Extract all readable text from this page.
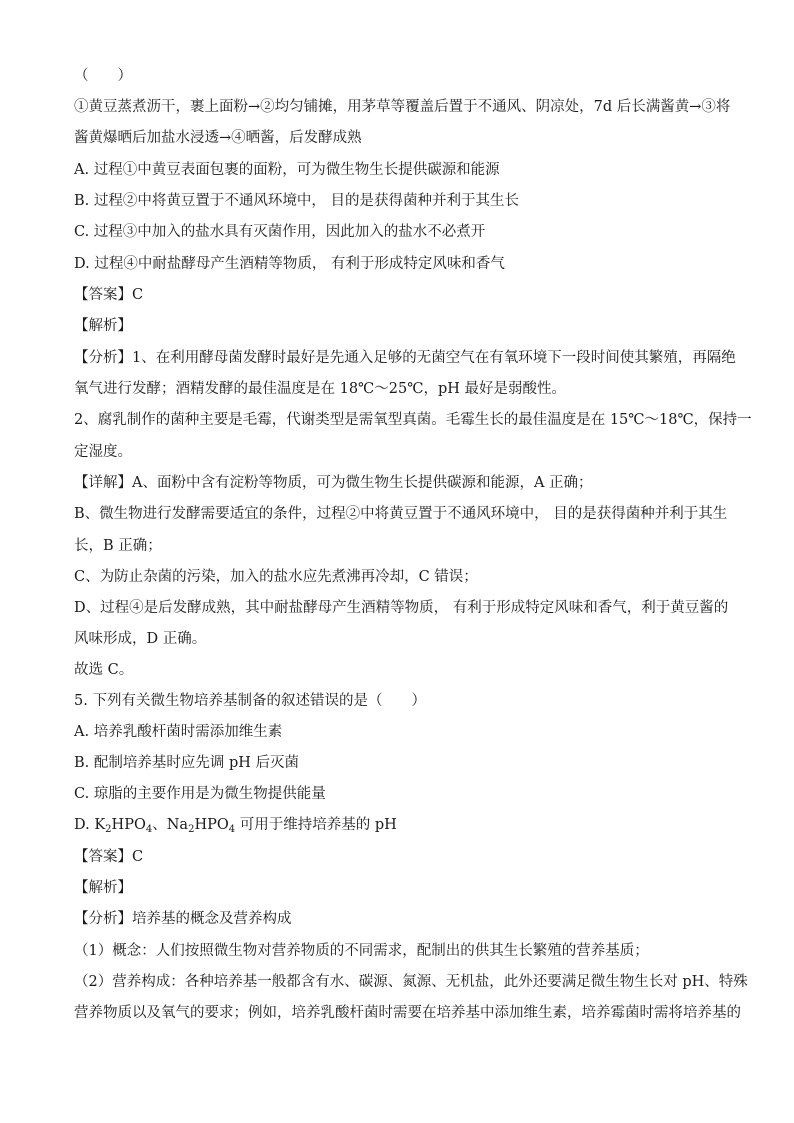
（　　）
①黄豆蒸煮沥干，裹上面粉→②均匀铺摊，用茅草等覆盖后置于不通风、阴凉处，7d 后长满酱黄→③将
酱黄爆晒后加盐水浸透→④晒酱，后发酵成熟
A. 过程①中黄豆表面包裹的面粉，可为微生物生长提供碳源和能源
B. 过程②中将黄豆置于不通风环境中， 目的是获得菌种并利于其生长
C. 过程③中加入的盐水具有灭菌作用，因此加入的盐水不必煮开
D. 过程④中耐盐酵母产生酒精等物质， 有利于形成特定风味和香气
【答案】C
【解析】
【分析】1、在利用酵母菌发酵时最好是先通入足够的无菌空气在有氧环境下一段时间使其繁殖，再隔绝
氧气进行发酵；酒精发酵的最佳温度是在 18℃～25℃，pH 最好是弱酸性。
2、腐乳制作的菌种主要是毛霉，代谢类型是需氧型真菌。毛霉生长的最佳温度是在 15℃～18℃，保持一
定湿度。
【详解】A、面粉中含有淀粉等物质，可为微生物生长提供碳源和能源，A 正确；
B、微生物进行发酵需要适宜的条件，过程②中将黄豆置于不通风环境中， 目的是获得菌种并利于其生
长，B 正确；
C、为防止杂菌的污染，加入的盐水应先煮沸再冷却，C 错误；
D、过程④是后发酵成熟，其中耐盐酵母产生酒精等物质， 有利于形成特定风味和香气，利于黄豆酱的
风味形成，D 正确。
故选 C。
5. 下列有关微生物培养基制备的叙述错误的是（　　）
A. 培养乳酸杆菌时需添加维生素
B. 配制培养基时应先调 pH 后灭菌
C. 琼脂的主要作用是为微生物提供能量
D. $K_2HPO_4$、$Na_2HPO_4$ 可用于维持培养基的 pH
【答案】C
【解析】
【分析】培养基的概念及营养构成
（1）概念：人们按照微生物对营养物质的不同需求，配制出的供其生长繁殖的营养基质；
（2）营养构成：各种培养基一般都含有水、碳源、氮源、无机盐，此外还要满足微生物生长对 pH、特殊
营养物质以及氧气的要求；例如，培养乳酸杆菌时需要在培养基中添加维生素，培养霉菌时需将培养基的
